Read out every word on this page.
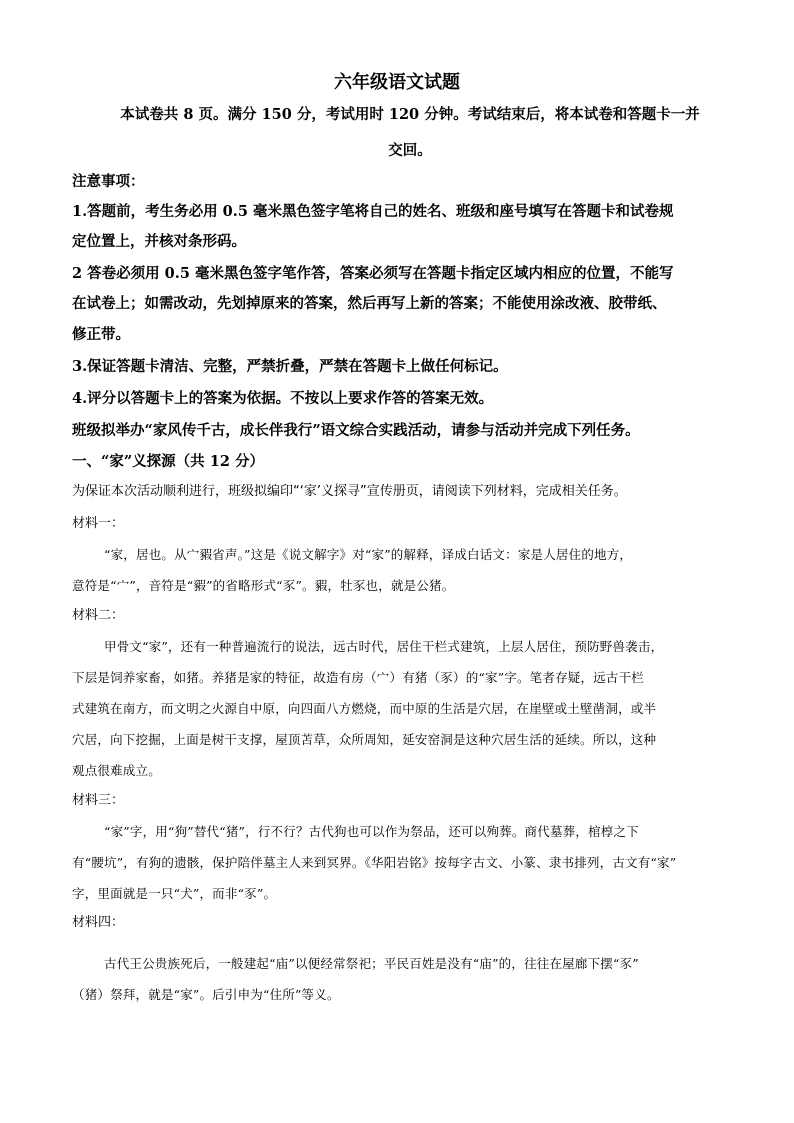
六年级语文试题
本试卷共 8 页。满分 150 分，考试用时 120 分钟。考试结束后，将本试卷和答题卡一并
交回。
注意事项：
1.答题前，考生务必用 0.5 毫米黑色签字笔将自己的姓名、班级和座号填写在答题卡和试卷规
定位置上，并核对条形码。
2 答卷必须用 0.5 毫米黑色签字笔作答，答案必须写在答题卡指定区域内相应的位置，不能写
在试卷上；如需改动，先划掉原来的答案，然后再写上新的答案；不能使用涂改液、胶带纸、
修正带。
3.保证答题卡清洁、完整，严禁折叠，严禁在答题卡上做任何标记。
4.评分以答题卡上的答案为依据。不按以上要求作答的答案无效。
班级拟举办“家风传千古，成长伴我行”语文综合实践活动，请参与活动并完成下列任务。
一、“家”义探源（共 12 分）
为保证本次活动顺利进行，班级拟编印“‘家’义探寻”宣传册页，请阅读下列材料，完成相关任务。
材料一：
“家，居也。从宀豭省声。”这是《说文解字》对“家”的解释，译成白话文：家是人居住的地方，
意符是“宀”，音符是“豭”的省略形式“豕”。豭，牡豕也，就是公猪。
材料二：
甲骨文“家”，还有一种普遍流行的说法，远古时代，居住干栏式建筑，上层人居住，预防野兽袭击，
下层是饲养家畜，如猪。养猪是家的特征，故造有房（宀）有猪（豕）的“家”字。笔者存疑，远古干栏
式建筑在南方，而文明之火源自中原，向四面八方燃烧，而中原的生活是穴居，在崖壁或土壁凿洞，或半
穴居，向下挖掘，上面是树干支撑，屋顶苫草，众所周知，延安窑洞是这种穴居生活的延续。所以，这种
观点很难成立。
材料三：
“家”字，用“狗”替代“猪”，行不行？古代狗也可以作为祭品，还可以殉葬。商代墓葬，棺椁之下
有“腰坑”，有狗的遗骸，保护陪伴墓主人来到冥界。《华阳岩铭》按每字古文、小篆、隶书排列，古文有“家”
字，里面就是一只“犬”，而非“豕”。
材料四：
古代王公贵族死后，一般建起“庙”以便经常祭祀；平民百姓是没有“庙”的，往往在屋廊下摆“豕”
（猪）祭拜，就是“家”。后引申为“住所”等义。
